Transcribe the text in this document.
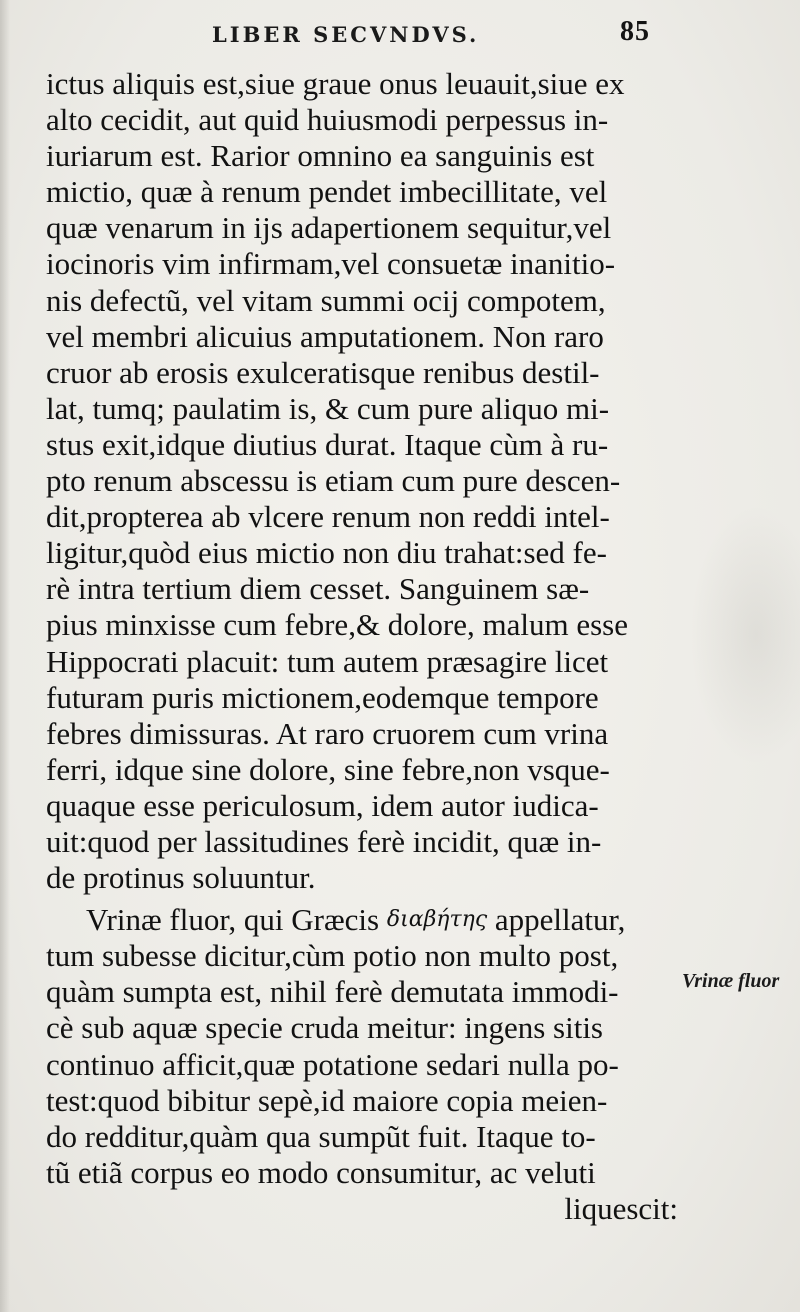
LIBER SECVNDVS.	85
ictus aliquis est,siue graue onus leuauit,siue ex
alto cecidit, aut quid huiusmodi perpessus in-
iuriarum est. Rarior omnino ea sanguinis est
mictio, quæ à renum pendet imbecillitate, vel
quæ venarum in ijs adapertionem sequitur,vel
iocinoris vim infirmam,vel consuetæ inanitio-
nis defectũ, vel vitam summi ocij compotem,
vel membri alicuius amputationem. Non raro
cruor ab erosis exulceratisque renibus destil-
lat, tumq; paulatim is, & cum pure aliquo mi-
stus exit,idque diutius durat. Itaque cùm à ru-
pto renum abscessu is etiam cum pure descen-
dit,propterea ab vlcere renum non reddi intel-
ligitur,quòd eius mictio non diu trahat:sed fe-
rè intra tertium diem cesset. Sanguinem sæ-
pius minxisse cum febre,& dolore, malum esse
Hippocrati placuit: tum autem præsagire licet
futuram puris mictionem,eodemque tempore
febres dimissuras. At raro cruorem cum vrina
ferri, idque sine dolore, sine febre,non vsque-
quaque esse periculosum, idem autor iudica-
uit:quod per lassitudines ferè incidit, quæ in-
de protinus soluuntur.
Vrinæ fluor, qui Græcis διαβήτης appellatur,
tum subesse dicitur,cùm potio non multo post,
quàm sumpta est, nihil ferè demutata immodi-
cè sub aquæ specie cruda meitur: ingens sitis
continuo afficit,quæ potatione sedari nulla po-
test:quod bibitur sepè,id maiore copia meien-
do redditur,quàm qua sumpũt fuit. Itaque to-
tũ etiã corpus eo modo consumitur, ac veluti
liquescit:
Vrinæ fluor
